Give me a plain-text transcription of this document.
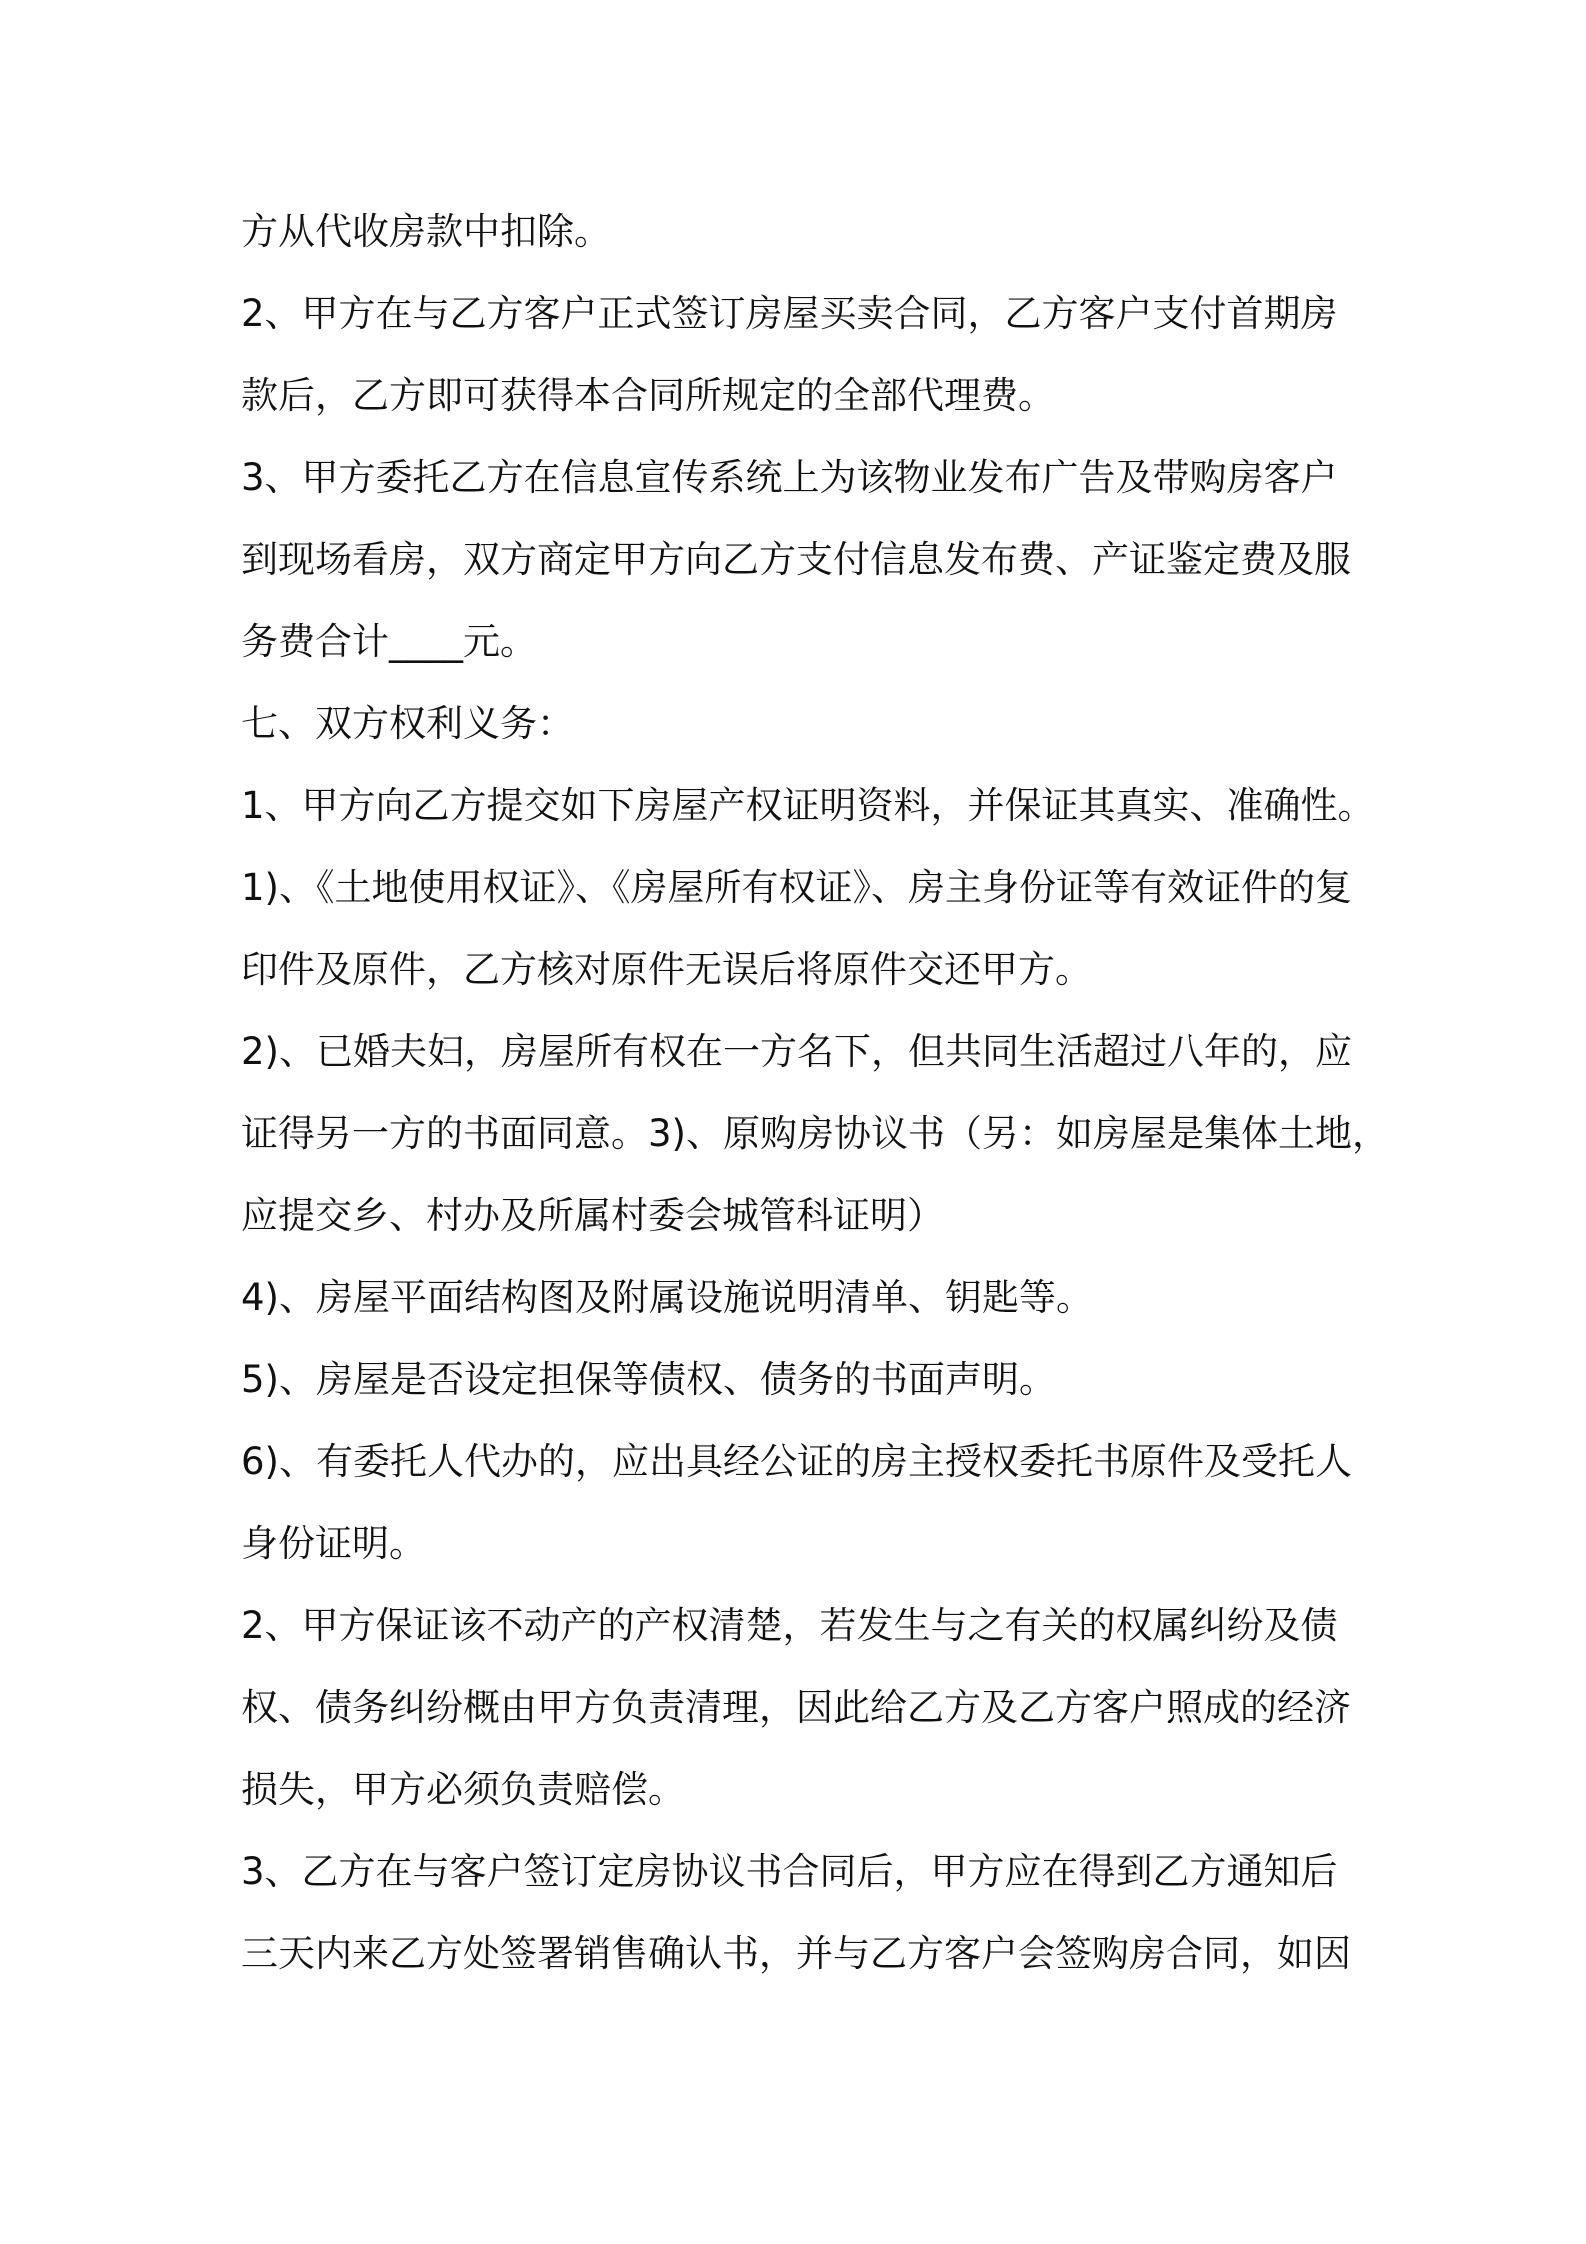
方从代收房款中扣除。
2、甲方在与乙方客户正式签订房屋买卖合同，乙方客户支付首期房
款后，乙方即可获得本合同所规定的全部代理费。
3、甲方委托乙方在信息宣传系统上为该物业发布广告及带购房客户
到现场看房，双方商定甲方向乙方支付信息发布费、产证鉴定费及服
务费合计____元。
七、双方权利义务：
1、甲方向乙方提交如下房屋产权证明资料，并保证其真实、准确性。
1)、《土地使用权证》、《房屋所有权证》、房主身份证等有效证件的复
印件及原件，乙方核对原件无误后将原件交还甲方。
2)、已婚夫妇，房屋所有权在一方名下，但共同生活超过八年的，应
证得另一方的书面同意。3)、原购房协议书（另：如房屋是集体土地，
应提交乡、村办及所属村委会城管科证明）
4)、房屋平面结构图及附属设施说明清单、钥匙等。
5)、房屋是否设定担保等债权、债务的书面声明。
6)、有委托人代办的，应出具经公证的房主授权委托书原件及受托人
身份证明。
2、甲方保证该不动产的产权清楚，若发生与之有关的权属纠纷及债
权、债务纠纷概由甲方负责清理，因此给乙方及乙方客户照成的经济
损失，甲方必须负责赔偿。
3、乙方在与客户签订定房协议书合同后，甲方应在得到乙方通知后
三天内来乙方处签署销售确认书，并与乙方客户会签购房合同，如因
